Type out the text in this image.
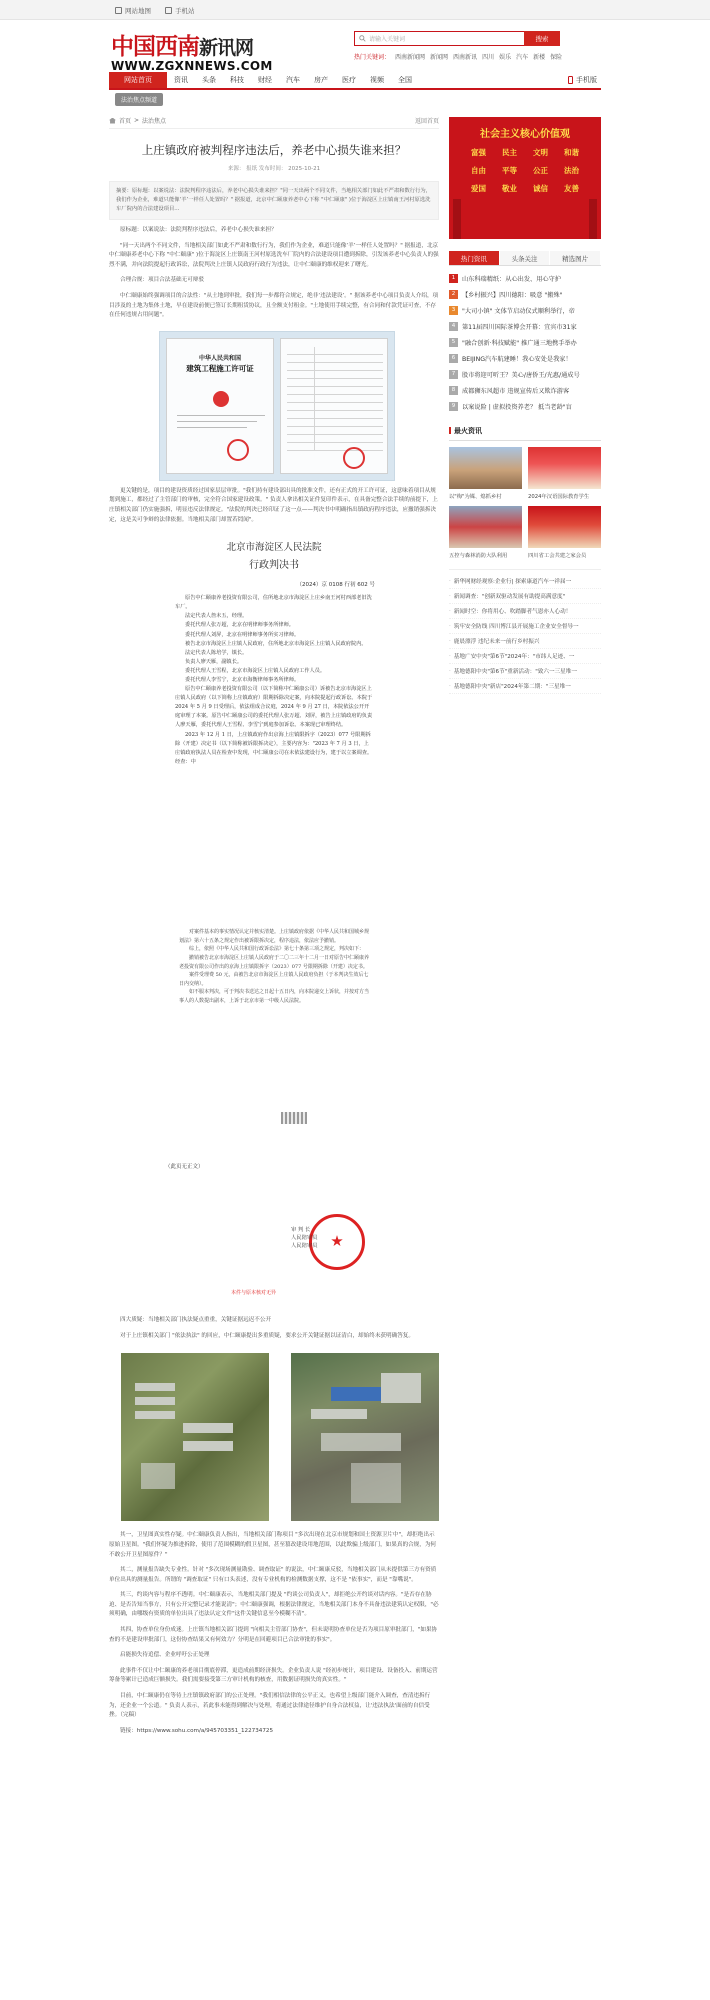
网站地图	手机站
中国西南新讯网
WWW.ZGXNNEWS.COM
请输入关键词	搜索
热门关键词： 西南新闻网 新闻网 西南新讯 四川 娱乐 汽车 新楼 保险
网站首页	资讯	头条	科技	财经	汽车	房产	医疗	视频	全国	手机版
法治焦点频道
首页 > 法治焦点	返回首页
上庄镇政府被判程序违法后，养老中心损失谁来担？
来源： 报纸 发布时间： 2025-10-21
摘要：原标题：以案说法：法院判程序违法后，养老中心损失谁来担？"同一天出两个不同文件，当地相关部门如此不严肃和数行行为，我们作为企业，难道只能像‘羊’一样任人处置吗？" 据报道，北京中仁颐康养老中心下称 "中仁颐康" )位于海淀区上庄镇南王河村原选洗车厂院内的合法建设项目...

原标题：以案说法：法院判程序违法后，养老中心损失谁来担？

"同一天出两个不同文件，当地相关部门如此不严肃和数行行为，我们作为企业，难道只能像‘羊’一样任人处置吗？" 据报道，北京中仁颐康养老中心下称 "中仁颐康" )位于海淀区上庄镇南王河村原选洗车厂院内的合法建设项目遭到拆除，引发该养老中心负责人的强烈不满，并向法院提起行政诉讼，法院判决上庄镇人民政府行政行为违法，让中仁颐康的维权迎来了曙光。

合理合规：项目合法基础无可辩驳

中仁颐康始终强调项目的合法性："从土地到审批，我们每一步都符合规定，绝非‘违法建设’。" 据该养老中心项目负责人介绍，项目涉及的土地为集体土地，早在建设前便已签订长期租赁协议，且全额支付租金。"土地使用手续完整，有合同和付款凭证可查，不存在任何违规占用问题"。

中华人民共和国
建筑工程施工许可证

更关键的是，项目的建设资质经过国家层层审批。"我们持有建设部出具的批准文件，还有正式的开工许可证，这意味着项目从规划到施工，都经过了主管部门的审核，完全符合国家建设政策。" 负责人拿出相关证件复印件表示，在具备完整合法手续的前提下，上庄镇相关部门仍实施强拆，明显违反法律规定。"法院的判决已经印证了这一点——判决书中明确指出镇政府程序违法，应撤销强拆决定，这是关可争辩的法律依据。当地相关部门却置若罔闻"。

北京市海淀区人民法院
行政判决书
（2024）京 0108 行初 602 号

原告中仁颐康养老投资有限公司，住所地北京市海淀区上庄乡南王河村西部老旧洗车厂。

法定代表人詹未五，经理。

委托代理人张万超，北京在明律师事务所律师。

委托代理人刘屏，北京在明律师事务所实习律师。

被告北京市海淀区上庄镇人民政府，住所地北京市海淀区上庄镇人民政府院内。

法定代表人陈培学，镇长。

负责人廖天雁，副镇长。

委托代理人王雪程，北京市海淀区上庄镇人民政府工作人员。

委托代理人李雪宁，北京市海衡律师事务所律师。

原告中仁颐康养老投资有限公司（以下简称中仁颐康公司）诉被告北京市海淀区上庄镇人民政府（以下简称上庄镇政府）限期拆除决定案，向本院提起行政诉讼。本院于 2024 年 5 月 9 日受理后，依法组成合议庭，2024 年 9 月 27 日，本院依法公开开庭审理了本案。原告中仁颐康公司的委托代理人张万超、刘屏，被告上庄镇政府的负责人廖天雁，委托代理人王雪程、李雪宁到庭参加诉讼。本案现已审理终结。

2023 年 12 月 1 日，上庄镇政府作出京海上庄镇限拆字（2023）077 号限期拆除（开建）决定书（以下简称被诉限拆决定），主要内容为："2023 年 7 月 3 日，上庄镇政府执法人员在检查中发现，中仁颐康公司在未依法建设行为，建于以立案调查。经查：中

对案件基本的事实情况认定并核实清楚。上庄镇政府依据《中华人民共和国城乡规划法》第六十五条之规定作出被诉限拆决定，程序违法，依法应予撤销。

综上，依照《中华人民共和国行政诉讼法》第七十条第三项之规定，判决如下：

撤销被告北京市海淀区上庄镇人民政府于二〇二三年十二月一日对原告中仁颐康养老投资有限公司作出的京海上庄镇限拆字（2023）077 号限期拆除（开建）决定书。

案件受理费 50 元，由被告北京市海淀区上庄镇人民政府负担（于本判决生效后七日内交纳）。

如不服本判决，可于判决书送达之日起十五日内，向本院递交上诉状，并按对方当事人的人数提出副本，上诉于北京市第一中级人民法院。

（此页无正文）
审 判 长
人民陪审员
人民陪审员
本件与原本核对无异

四大质疑：当地相关部门执法疑点重重，关键证据远迟不公开

对于上庄镇相关部门 "依法执法" 的回应，中仁颐康提出多重质疑，要求公开关键证据以证清白，却始终未获明确答复。

其一，卫星图真实性存疑。中仁颐康负责人指出，当地相关部门称项目 "多次出现在北京市规划和国土资源卫片中"，却拒绝出示原始卫星图。"我们怀疑为推进拆除，使用了范围模糊的假卫星图，甚至篡改建设用地范围，以此欺骗上级部门，如果真的合规，为何不敢公开卫星图原件？"

其二，测量报告缺失专业性。针对 "多次现场测量勘验、调查取证" 的说法，中仁颐康反驳，当地相关部门从未提供第三方有资质单位出具的测量报告。所谓的 "调查取证" 只有口头表述，没有专业机构的检测数据支撑，这不是 "依事实"，而是 "靠嘴说"。

其三，约谈内容与程序不透明。中仁颐康表示，当地相关部门提及 "约谈公司负责人"，却拒绝公开约谈对话内容。"是否存在胁迫、是否告知当事方，只有公开完整记录才能说清"；中仁颐康强调，根据法律规定，当地相关部门本身不具备违法建筑认定权限，"必须明确，由哪级有资质的单位出具了违法认定文件"这件关键信息至今模糊不清"。

其四，协查单位身份成迷。上庄镇当地相关部门提到 "向相关主管部门协查"，但未说明协查单位是否为项目原审批部门，"如果协查的不是建设审批部门，这份协查结果又有何效力？分明是在回避项目已合法审批的事实"。

启能损失待追偿、企业呼吁公正处理

此事件不仅让中仁颐康的养老项目彻底停滞，更造成前期经济损失。企业负责人说 "经初步统计，项目建设、设备投入、前期运营筹备等累计已造成巨额损失。我们需要接受第三方审计机构的核查，用数据证明损失的真实性。"

目前，中仁颐康仍在等待上庄镇镇政府部门的公正处理。"我们相信法律的公平正义，也希望上级部门能介入调查，查清违拆行为，还企业一个公道。" 负责人表示，若此事未能得到解决与处理，将通过法律途径维护自身合法权益，让'违法执法'面前的自信受挫。（完稿）

链接：https://www.sohu.com/a/945703351_122734725

社会主义核心价值观
富强	民主	文明	和谐
自由	平等	公正	法治
爱国	敬业	诚信	友善
热门资讯	头条关注	精选图片
1	山东科瑞精纸：从心出发、用心守护
2	【乡村振兴】四川德阳：吸意 "搬殊"
3	"大司小镇" 文体节启动仪式顺利举行，帝
4	第11届四川国际茶博会开幕：宜宾市31家
5	"融合创新·科技赋能" 推广通三地携手举办
6	BEIJING汽车航建睡！我心安处是我家！
7	股市将迎可听王？美心/唐侨王/光惠/通成号
8	成都狮东风超市 违规宣传后又欺诈游客
9	以案说险 | 虚拟投资养老？ 抵当老龄"盲
最火资讯
以"梅"为媒、熄抓乡村	2024年汉语国际教育学生
五控与森林消防大队利用	四川省工会共建之家会员
· 新华网财经观察:企业行| 探索康道汽车一祥届一
· 新闻调查："创新双驱动发展有助提高满意度"
· 新闻时空：你将用心、吹踏脚者气恩亦人心动！
· 筑牢安全防线 四川博江县开展施工企业安全督导一
· 鹿晨漂浮 违纪未来一前行乡村振兴
· 基地广安中央"第6节"2024年："市纬人足迹、一
· 基地德阳中央"第6节"重新活动："致六一三星堆一
· 基地德阳中央"新店"2024年第二期："三星堆一
